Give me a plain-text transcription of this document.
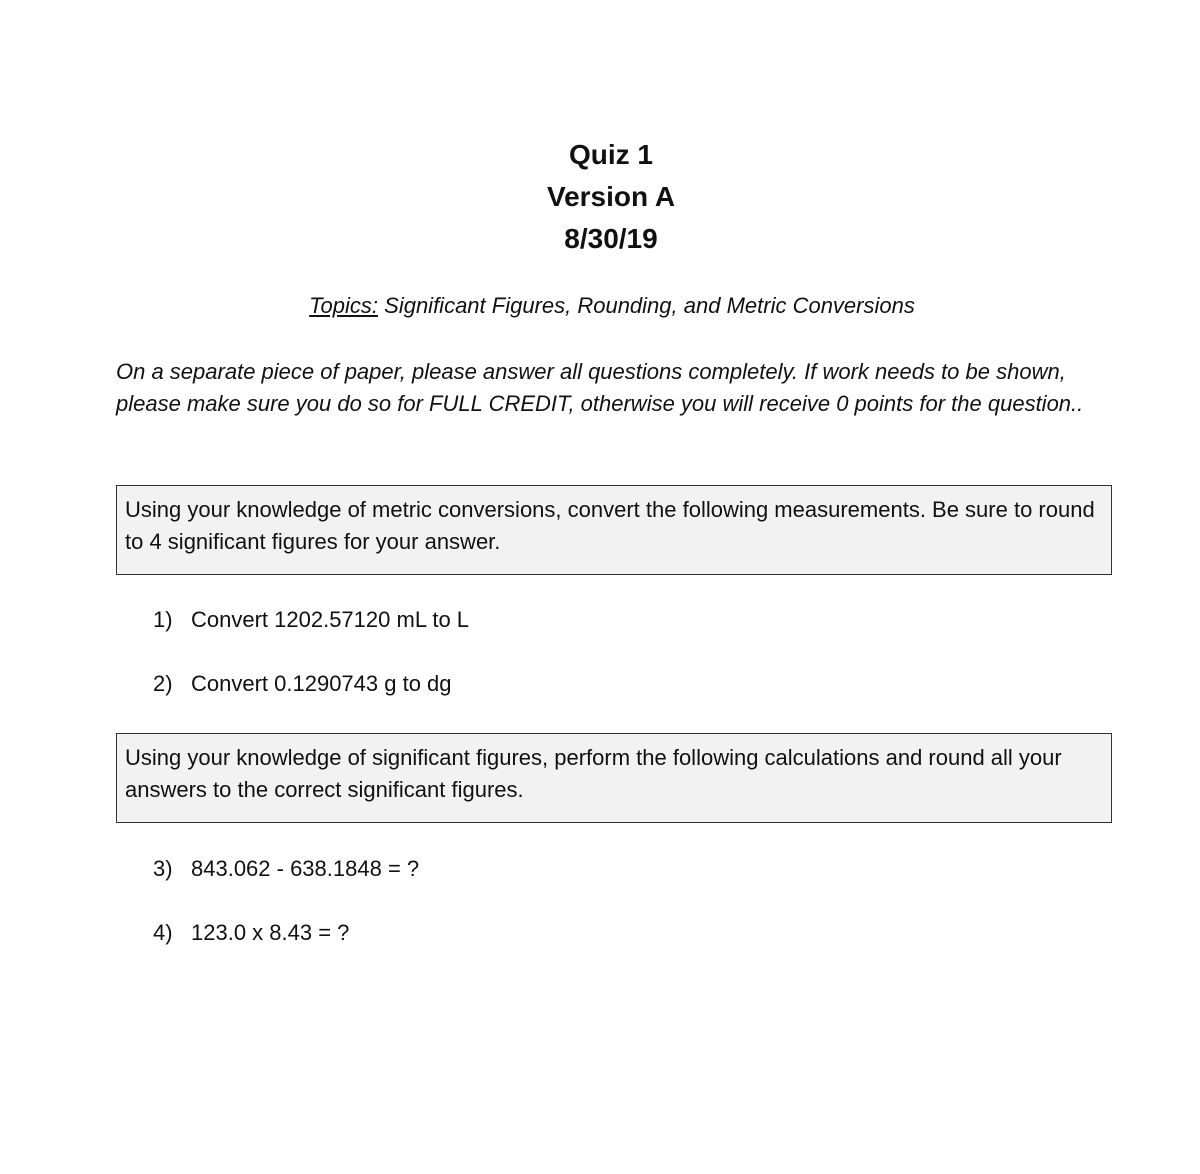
Quiz 1
Version A
8/30/19
Topics: Significant Figures, Rounding, and Metric Conversions
On a separate piece of paper, please answer all questions completely. If work needs to be shown, please make sure you do so for FULL CREDIT, otherwise you will receive 0 points for the question..
Using your knowledge of metric conversions, convert the following measurements. Be sure to round to 4 significant figures for your answer.
1) Convert 1202.57120 mL to L
2) Convert 0.1290743 g to dg
Using your knowledge of significant figures, perform the following calculations and round all your answers to the correct significant figures.
3) 843.062 - 638.1848 = ?
4) 123.0 x 8.43 = ?
